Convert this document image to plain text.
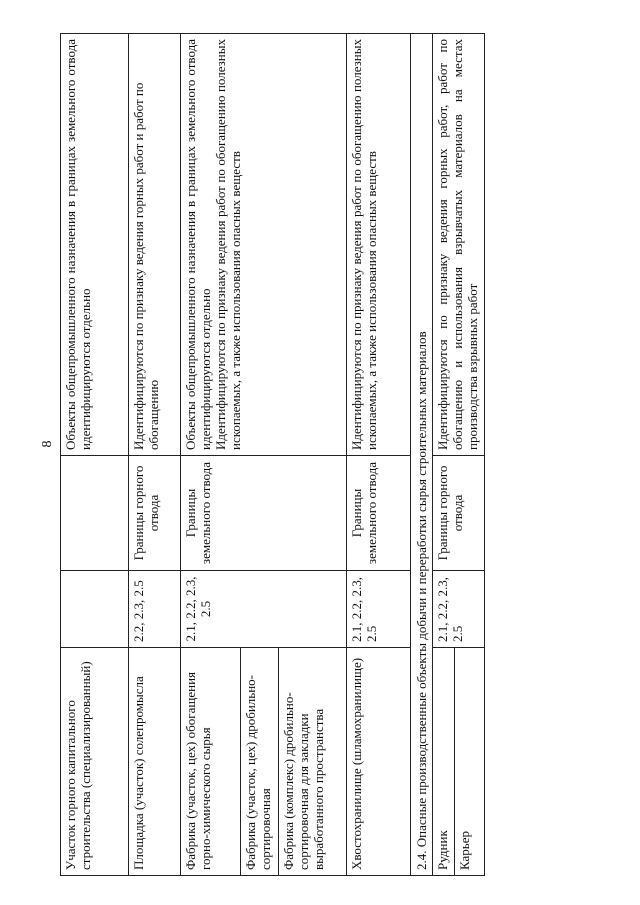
8
Участок горного капитального строительства (специализированный)			Объекты общепромышленного назначения в границах земельного отвода идентифицируются отдельно
Площадка (участок) солепромысла	2.2, 2.3, 2.5	Границы горного отвода	Идентифицируются по признаку ведения горных работ и работ по обогащению
Фабрика (участок, цех) обогащения горно-химического сырья	2.1, 2.2, 2.3, 2.5	Границы земельного отвода	Объекты общепромышленного назначения в границах земельного отвода идентифицируются отдельно Идентифицируются по признаку ведения работ по обогащению полезных ископаемых, а также использования опасных веществ

Фабрика (участок, цех) дробильно-сортировочная			
Фабрика (комплекс) дробильно-сортировочная для закладки выработанного пространства			
Хвостохранилище (шламохранилище)	2.1, 2.2, 2.3, 2.5	Границы земельного отвода	Идентифицируются по признаку ведения работ по обогащению полезных ископаемых, а также использования опасных веществ
2.4. Опасные производственные объекты добычи и переработки сырья строительных материалов			
Рудник	2.1, 2.2, 2.3, 2.5	Границы горного отвода	Идентифицируются по признаку ведения горных работ, работ по обогащению и использования взрывчатых материалов на местах производства взрывных работ
Карьер			
